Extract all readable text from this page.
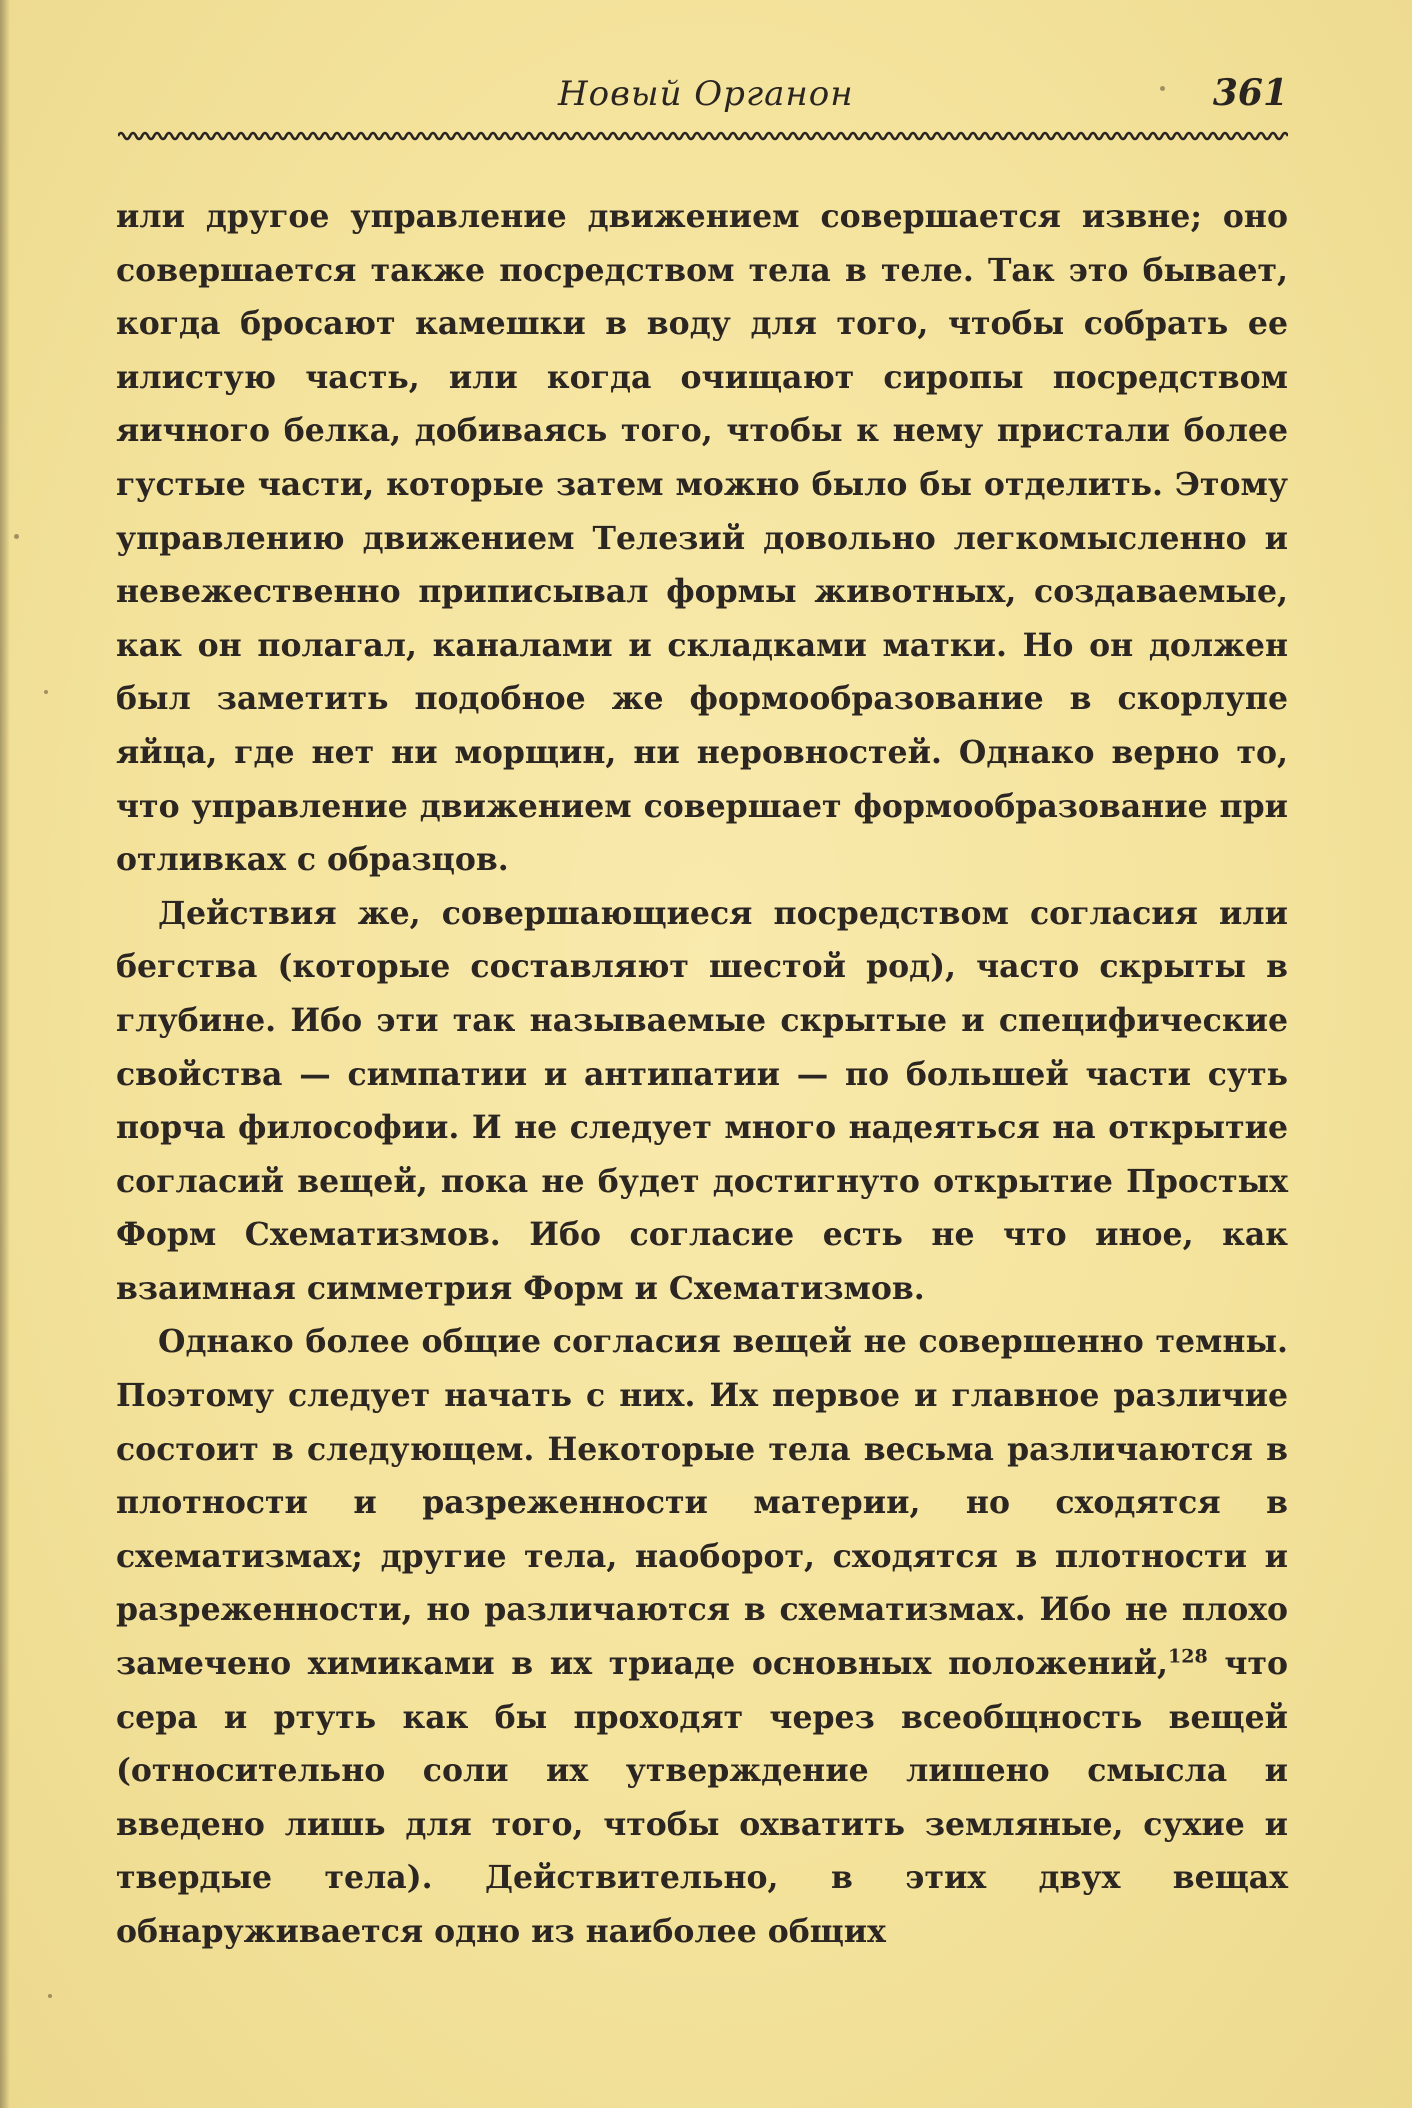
Новый Органон	361

или другое управление движением совершается извне; оно совершается также посредством тела в теле. Так это бывает, когда бросают камешки в воду для того, чтобы собрать ее илистую часть, или когда очищают сиропы посредством яичного белка, добиваясь того, чтобы к нему пристали более густые части, которые затем можно было бы отделить. Этому управлению движением Телезий довольно легкомысленно и невежественно приписывал формы животных, создаваемые, как он полагал, каналами и складками матки. Но он должен был заметить подобное же формообразование в скорлупе яйца, где нет ни морщин, ни неровностей. Однако верно то, что управление движением совершает формообразование при отливках с образцов.

Действия же, совершающиеся посредством согласия или бегства (которые составляют шестой род), часто скрыты в глубине. Ибо эти так называемые скрытые и специфические свойства — симпатии и антипатии — по большей части суть порча философии. И не следует много надеяться на открытие согласий вещей, пока не будет достигнуто открытие Простых Форм Схематизмов. Ибо согласие есть не что иное, как взаимная симметрия Форм и Схематизмов.

Однако более общие согласия вещей не совершенно темны. Поэтому следует начать с них. Их первое и главное различие состоит в следующем. Некоторые тела весьма различаются в плотности и разреженности материи, но сходятся в схематизмах; другие тела, наоборот, сходятся в плотности и разреженности, но различаются в схематизмах. Ибо не плохо замечено химиками в их триаде основных положений,$^{128}$ что сера и ртуть как бы проходят через всеобщность вещей (относительно соли их утверждение лишено смысла и введено лишь для того, чтобы охватить земляные, сухие и твердые тела). Действительно, в этих двух вещах обнаруживается одно из наиболее общих
